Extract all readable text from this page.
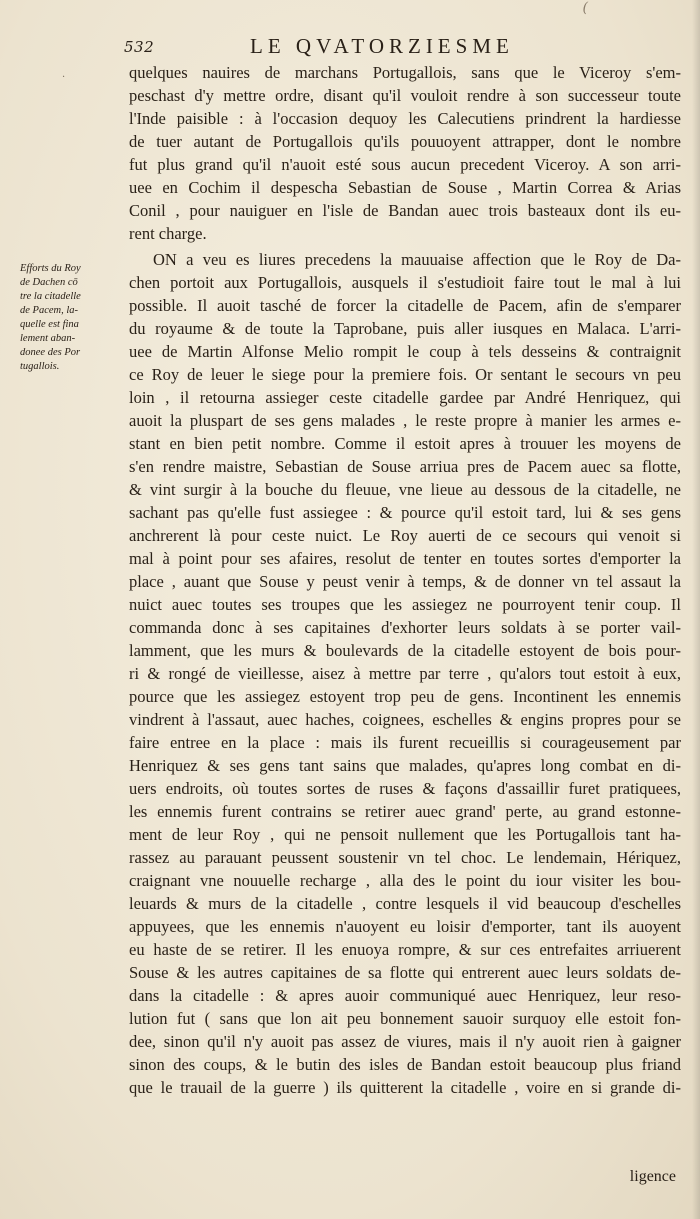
532	LE QVATORZIESME
(
·
Efforts du Roy
de Dachen cō
tre la citadelle
de Pacem, la-
quelle est fina
lement aban-
donee des Por
tugallois.
quelques nauires de marchans Portugallois, sans que le Viceroy s'em-
peschast d'y mettre ordre, disant qu'il vouloit rendre à son successeur toute
l'Inde paisible : à l'occasion dequoy les Calecutiens prindrent la hardiesse
de tuer autant de Portugallois qu'ils pouuoyent attrapper, dont le nombre
fut plus grand qu'il n'auoit esté sous aucun precedent Viceroy. A son arri-
uee en Cochim il despescha Sebastian de Souse , Martin Correa & Arias
Conil , pour nauiguer en l'isle de Bandan auec trois basteaux dont ils eu-
rent charge.
ON a veu es liures precedens la mauuaise affection que le Roy de Da-
chen portoit aux Portugallois, ausquels il s'estudioit faire tout le mal à lui
possible. Il auoit tasché de forcer la citadelle de Pacem, afin de s'emparer
du royaume & de toute la Taprobane, puis aller iusques en Malaca. L'arri-
uee de Martin Alfonse Melio rompit le coup à tels desseins & contraignit
ce Roy de leuer le siege pour la premiere fois. Or sentant le secours vn peu
loin , il retourna assieger ceste citadelle gardee par André Henriquez, qui
auoit la pluspart de ses gens malades , le reste propre à manier les armes e-
stant en bien petit nombre. Comme il estoit apres à trouuer les moyens de
s'en rendre maistre, Sebastian de Souse arriua pres de Pacem auec sa flotte,
& vint surgir à la bouche du fleuue, vne lieue au dessous de la citadelle, ne
sachant pas qu'elle fust assiegee : & pource qu'il estoit tard, lui & ses gens
anchrerent là pour ceste nuict. Le Roy auerti de ce secours qui venoit si
mal à point pour ses afaires, resolut de tenter en toutes sortes d'emporter la
place , auant que Souse y peust venir à temps, & de donner vn tel assaut la
nuict auec toutes ses troupes que les assiegez ne pourroyent tenir coup. Il
commanda donc à ses capitaines d'exhorter leurs soldats à se porter vail-
lamment, que les murs & boulevards de la citadelle estoyent de bois pour-
ri & rongé de vieillesse, aisez à mettre par terre , qu'alors tout estoit à eux,
pource que les assiegez estoyent trop peu de gens. Incontinent les ennemis
vindrent à l'assaut, auec haches, coignees, eschelles & engins propres pour se
faire entree en la place : mais ils furent recueillis si courageusement par
Henriquez & ses gens tant sains que malades, qu'apres long combat en di-
uers endroits, où toutes sortes de ruses & façons d'assaillir furet pratiquees,
les ennemis furent contrains se retirer auec grand' perte, au grand estonne-
ment de leur Roy , qui ne pensoit nullement que les Portugallois tant ha-
rassez au parauant peussent soustenir vn tel choc. Le lendemain, Hériquez,
craignant vne nouuelle recharge , alla des le point du iour visiter les bou-
leuards & murs de la citadelle , contre lesquels il vid beaucoup d'eschelles
appuyees, que les ennemis n'auoyent eu loisir d'emporter, tant ils auoyent
eu haste de se retirer. Il les enuoya rompre, & sur ces entrefaites arriuerent
Souse & les autres capitaines de sa flotte qui entrerent auec leurs soldats de-
dans la citadelle : & apres auoir communiqué auec Henriquez, leur reso-
lution fut ( sans que lon ait peu bonnement sauoir surquoy elle estoit fon-
dee, sinon qu'il n'y auoit pas assez de viures, mais il n'y auoit rien à gaigner
sinon des coups, & le butin des isles de Bandan estoit beaucoup plus friand
que le trauail de la guerre ) ils quitterent la citadelle , voire en si grande di-
ligence
